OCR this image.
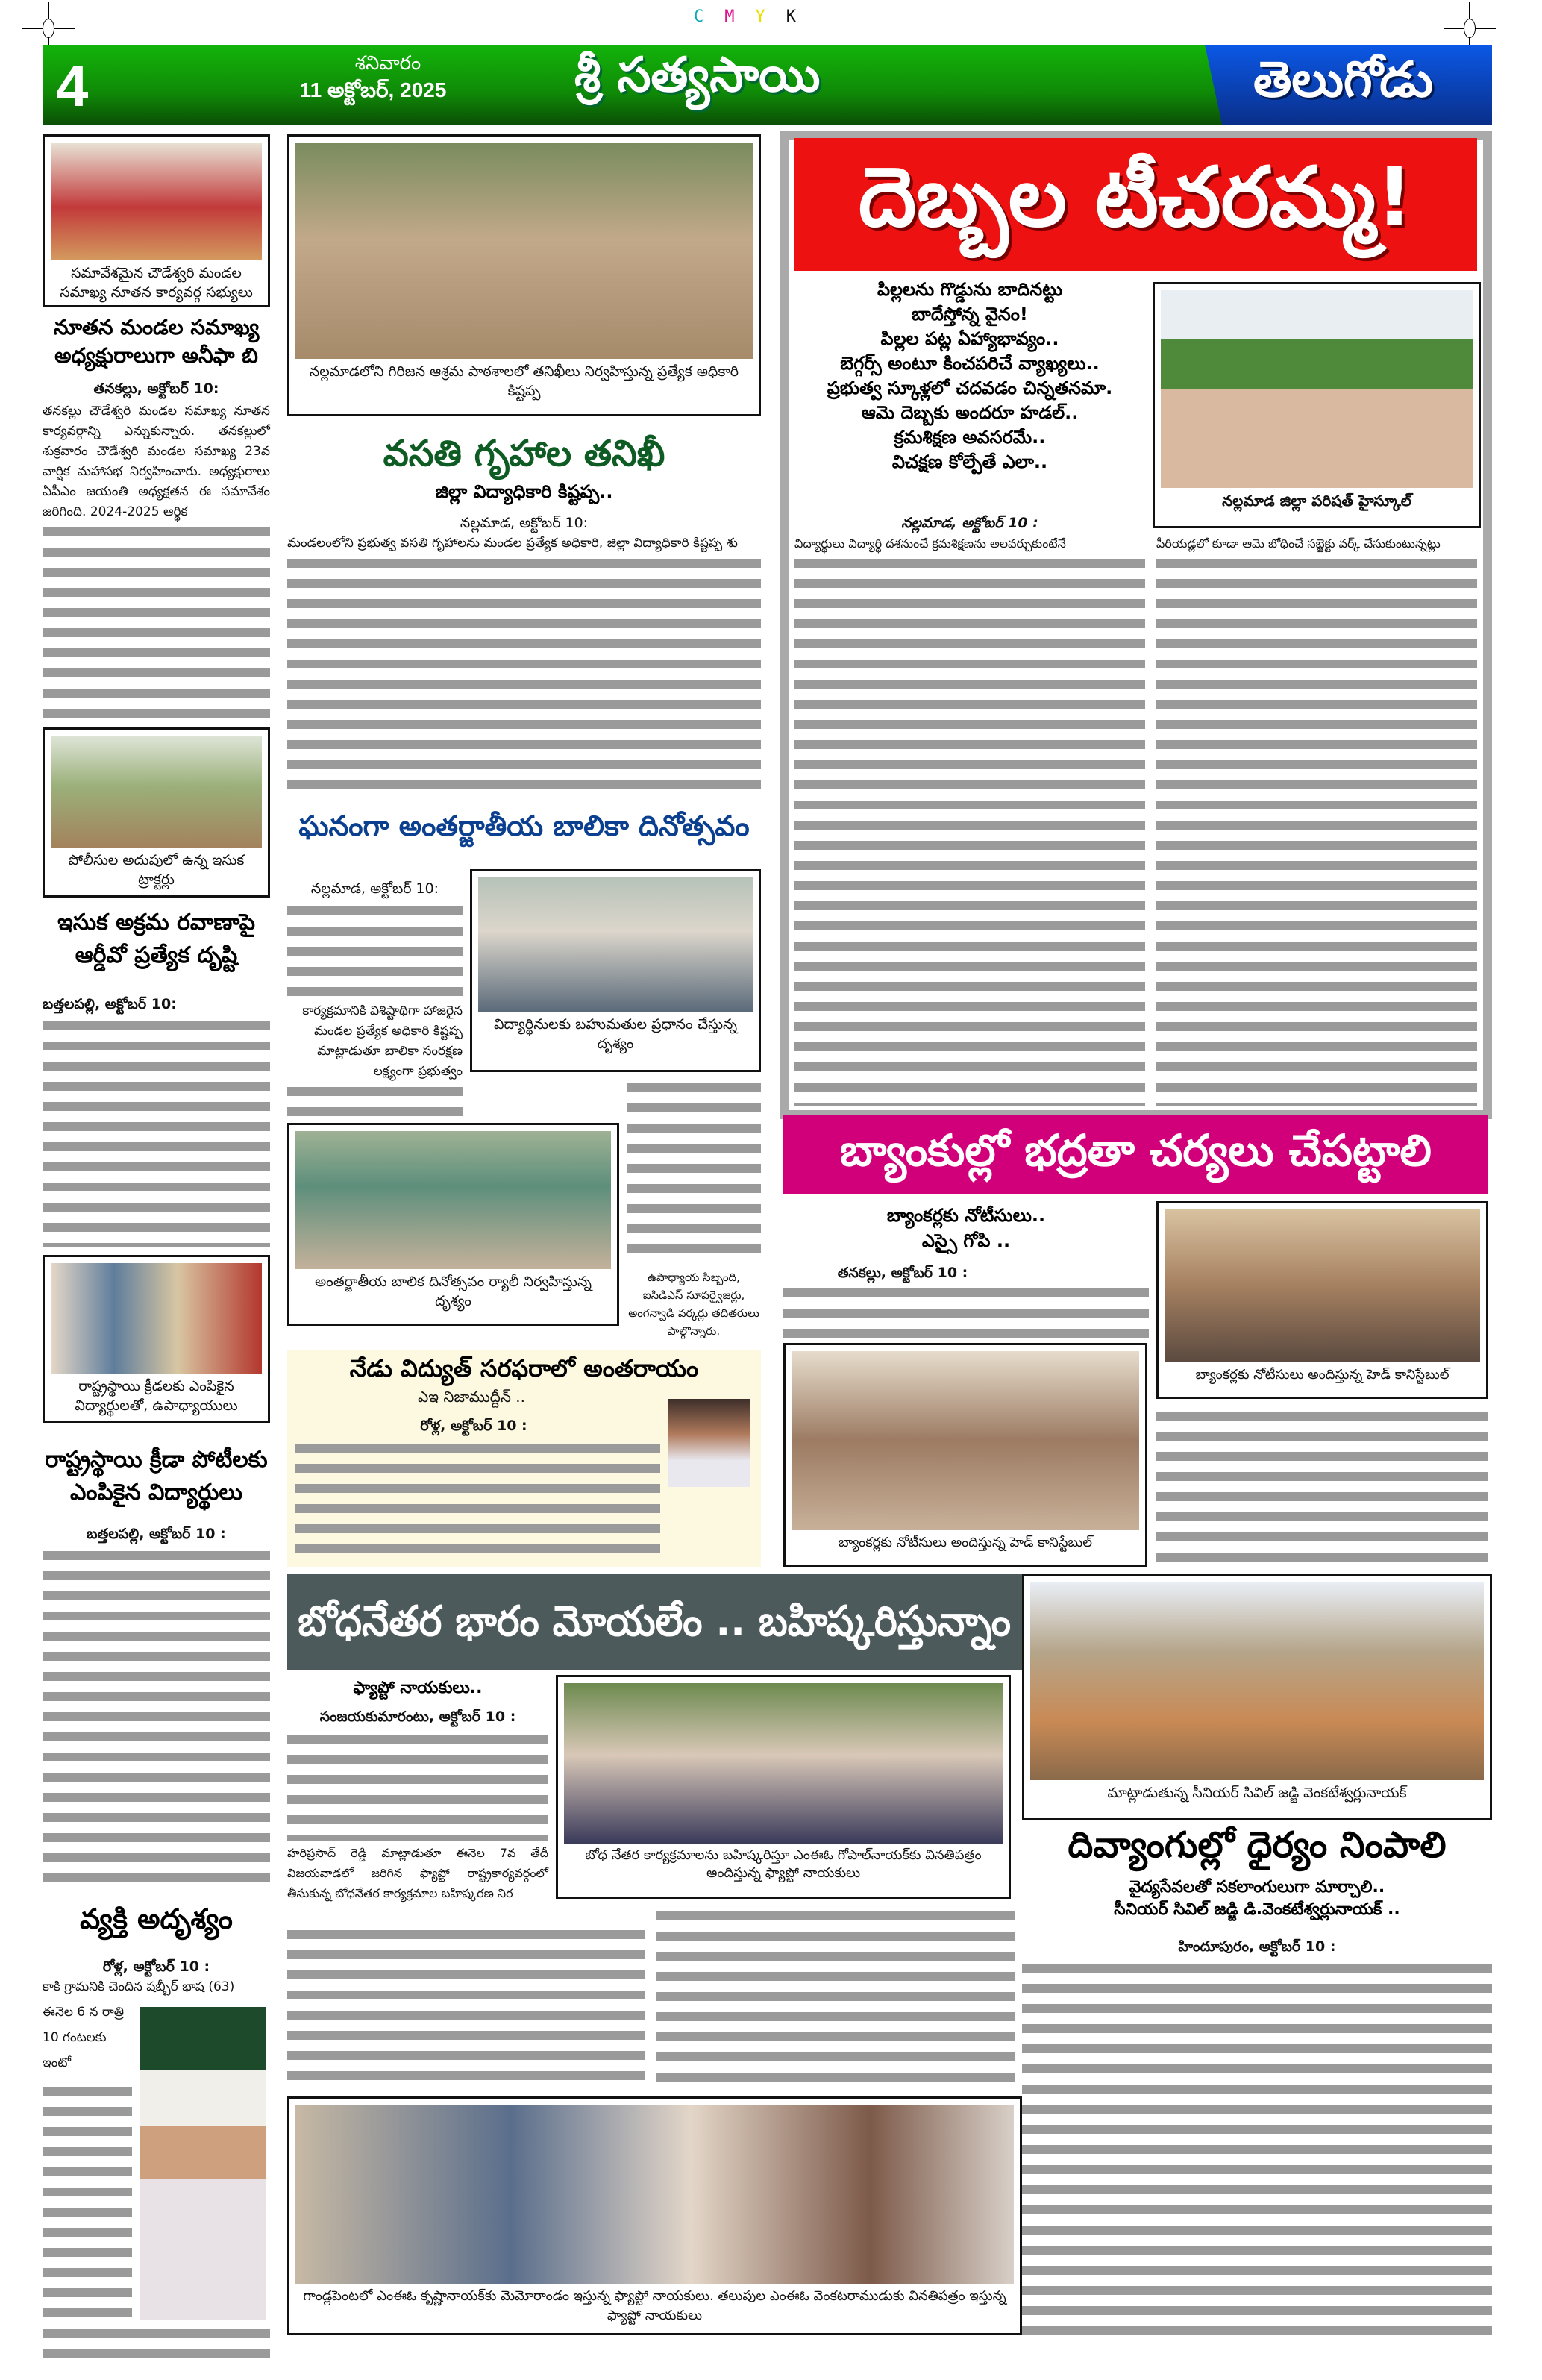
CMYK
4	శనివారం
11 అక్టోబర్, 2025	శ్రీ సత్యసాయి	తెలుగోడు
సమావేశమైన చౌడేశ్వరి మండల సమాఖ్య నూతన కార్యవర్గ సభ్యులు
నూతన మండల సమాఖ్య అధ్యక్షురాలుగా అనీఫా బి
తనకల్లు, అక్టోబర్ 10:
తనకల్లు చౌడేశ్వరి మండల సమాఖ్య నూతన కార్యవర్గాన్ని ఎన్నుకున్నారు. తనకల్లులో శుక్రవారం చౌడేశ్వరి మండల సమాఖ్య 23వ వార్షిక మహాసభ నిర్వహించారు. అధ్యక్షురాలు ఏపీఎం జయంతి అధ్యక్షతన ఈ సమావేశం జరిగింది. 2024-2025 ఆర్థిక
పోలీసుల అదుపులో ఉన్న ఇసుక ట్రాక్టర్లు
ఇసుక అక్రమ రవాణాపై ఆర్డీవో ప్రత్యేక దృష్టి
బత్తలపల్లి, అక్టోబర్ 10:
రాష్ట్రస్థాయి క్రీడలకు ఎంపికైన విద్యార్థులతో, ఉపాధ్యాయులు
రాష్ట్రస్థాయి క్రీడా పోటీలకు ఎంపికైన విద్యార్థులు
బత్తలపల్లి, అక్టోబర్ 10 :
వ్యక్తి అదృశ్యం
రోళ్ల, అక్టోబర్ 10 :
కాకి గ్రామనికి చెందిన షబ్బీర్ భాష (63)
ఈనెల 6 న రాత్రి 10 గంటలకు ఇంటో
నల్లమాడలోని గిరిజన ఆశ్రమ పాఠశాలలో తనిఖీలు నిర్వహిస్తున్న ప్రత్యేక అధికారి కిష్టప్ప
వసతి గృహాల తనిఖీ
జిల్లా విద్యాధికారి కిష్టప్ప..
నల్లమాడ, అక్టోబర్ 10:
మండలంలోని ప్రభుత్వ వసతి గృహాలను మండల ప్రత్యేక అధికారి, జిల్లా విద్యాధికారి కిష్టప్ప శు
ఘనంగా అంతర్జాతీయ బాలికా దినోత్సవం
నల్లమాడ, అక్టోబర్ 10:
కార్యక్రమానికి విశిష్టాథిగా హాజరైన మండల ప్రత్యేక అధికారి కిష్టప్ప మాట్లాడుతూ బాలికా సంరక్షణ లక్ష్యంగా ప్రభుత్వం
విద్యార్థినులకు బహుమతుల ప్రధానం చేస్తున్న దృశ్యం
అంతర్జాతీయ బాలిక దినోత్సవం ర్యాలీ నిర్వహిస్తున్న దృశ్యం
ఉపాధ్యాయ సిబ్బంది, ఐసిడిఎస్ సూపర్వైజర్లు, అంగన్వాడి వర్కర్లు తదితరులు పాల్గొన్నారు.
నేడు విద్యుత్ సరఫరాలో అంతరాయం
ఎఇ నిజాముద్దీన్ ..
రోళ్ల, అక్టోబర్ 10 :
బోధనేతర భారం మోయలేం .. బహిష్కరిస్తున్నాం
ఫ్యాప్టో నాయకులు..
సంజయకుమారంటు, అక్టోబర్ 10 :
హరిప్రసాద్ రెడ్డి మాట్లాడుతూ ఈనెల 7వ తేదీ విజయవాడలో జరిగిన ఫ్యాప్టో రాష్ట్రకార్యవర్గంలో తీసుకున్న బోధనేతర కార్యక్రమాల బహిష్కరణ నిర
బోధ నేతర కార్యక్రమాలను బహిష్కరిస్తూ ఎంఈఓ గోపాల్‌నాయక్‌కు వినతిపత్రం అందిస్తున్న ఫ్యాప్టో నాయకులు
గాండ్లపెంటలో ఎంఈఓ కృష్ణానాయక్‌కు మెమోరాండం ఇస్తున్న ఫ్యాప్టో నాయకులు. తలుపుల ఎంఈఓ వెంకటరాముడుకు వినతిపత్రం ఇస్తున్న ఫ్యాప్టో నాయకులు
దెబ్బల టీచరమ్మ!
పిల్లలను గొడ్డును బాదినట్టు
బాదేస్తోన్న వైనం!
పిల్లల పట్ల ఏహ్యాభావ్యం..
బెగ్గర్స్ అంటూ కించపరిచే వ్యాఖ్యలు..
ప్రభుత్వ స్కూళ్లలో చదవడం చిన్నతనమా.
ఆమె దెబ్బకు అందరూ హడల్..
క్రమశిక్షణ అవసరమే..
విచక్షణ కోల్పేతే ఎలా..
నల్లమాడ జిల్లా పరిషత్ హైస్కూల్
నల్లమాడ, అక్టోబర్ 10 :
విద్యార్థులు విద్యార్థి దశనుంచే క్రమశిక్షణను అలవర్చుకుంటేనే	పీరియడ్లలో కూడా ఆమె బోధించే సబ్జెక్టు వర్క్ చేసుకుంటున్నట్లు
బ్యాంకుల్లో భద్రతా చర్యలు చేపట్టాలి
బ్యాంకర్లకు నోటీసులు..
ఎస్సై గోపి ..
తనకల్లు, అక్టోబర్ 10 :
బ్యాంకర్లకు నోటీసులు అందిస్తున్న హెడ్ కానిస్టేబుల్
బ్యాంకర్లకు నోటీసులు అందిస్తున్న హెడ్ కానిస్టేబుల్
మాట్లాడుతున్న సీనియర్ సివిల్ జడ్జి వెంకటేశ్వర్లునాయక్
దివ్యాంగుల్లో ధైర్యం నింపాలి
వైద్యసేవలతో సకలాంగులుగా మార్చాలి..
సీనియర్ సివిల్ జడ్జి డి.వెంకటేశ్వర్లునాయక్ ..
హిందూపురం, అక్టోబర్ 10 :
